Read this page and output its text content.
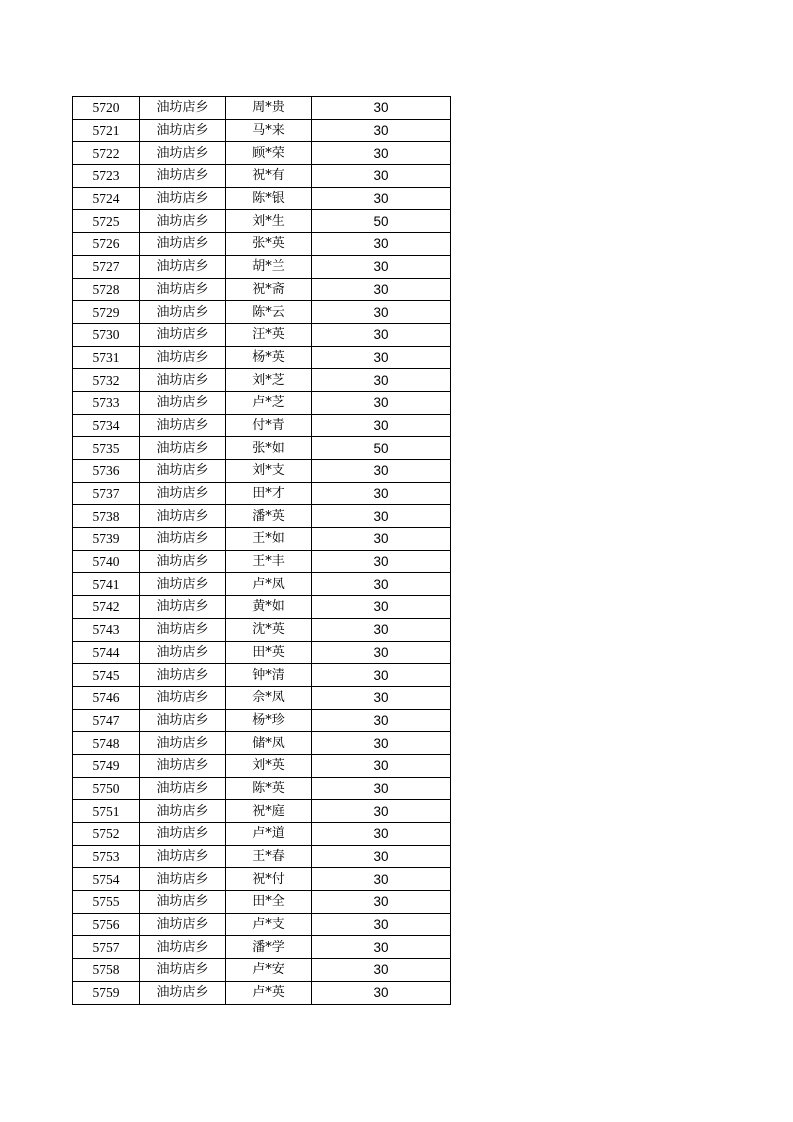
5720	油坊店乡	周*贵	30
5721	油坊店乡	马*来	30
5722	油坊店乡	顾*荣	30
5723	油坊店乡	祝*有	30
5724	油坊店乡	陈*银	30
5725	油坊店乡	刘*生	50
5726	油坊店乡	张*英	30
5727	油坊店乡	胡*兰	30
5728	油坊店乡	祝*斋	30
5729	油坊店乡	陈*云	30
5730	油坊店乡	汪*英	30
5731	油坊店乡	杨*英	30
5732	油坊店乡	刘*芝	30
5733	油坊店乡	卢*芝	30
5734	油坊店乡	付*青	30
5735	油坊店乡	张*如	50
5736	油坊店乡	刘*支	30
5737	油坊店乡	田*才	30
5738	油坊店乡	潘*英	30
5739	油坊店乡	王*如	30
5740	油坊店乡	王*丰	30
5741	油坊店乡	卢*凤	30
5742	油坊店乡	黄*如	30
5743	油坊店乡	沈*英	30
5744	油坊店乡	田*英	30
5745	油坊店乡	钟*清	30
5746	油坊店乡	佘*凤	30
5747	油坊店乡	杨*珍	30
5748	油坊店乡	储*凤	30
5749	油坊店乡	刘*英	30
5750	油坊店乡	陈*英	30
5751	油坊店乡	祝*庭	30
5752	油坊店乡	卢*道	30
5753	油坊店乡	王*春	30
5754	油坊店乡	祝*付	30
5755	油坊店乡	田*全	30
5756	油坊店乡	卢*支	30
5757	油坊店乡	潘*学	30
5758	油坊店乡	卢*安	30
5759	油坊店乡	卢*英	30
